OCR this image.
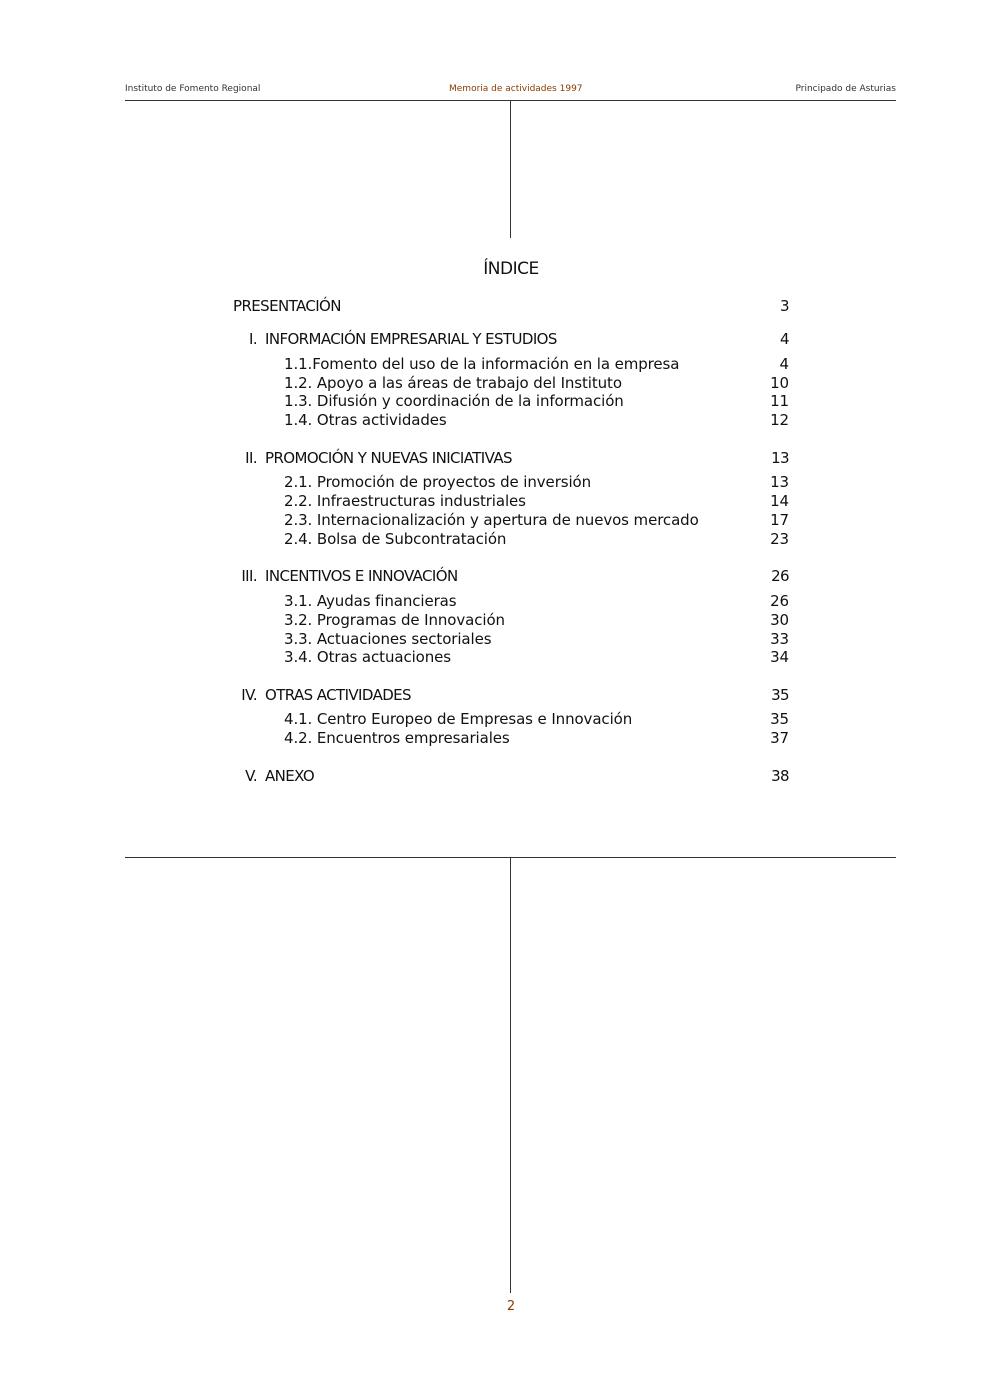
Instituto de Fomento Regional	Memoria de actividades 1997	Principado de Asturias
ÍNDICE
PRESENTACIÓN	3
I. INFORMACIÓN EMPRESARIAL Y ESTUDIOS	4
1.1.Fomento del uso de la información en la empresa	4
1.2. Apoyo a las áreas de trabajo del Instituto	10
1.3. Difusión y coordinación de la información	11
1.4. Otras actividades	12
II. PROMOCIÓN Y NUEVAS INICIATIVAS	13
2.1. Promoción de proyectos de inversión	13
2.2. Infraestructuras industriales	14
2.3. Internacionalización y apertura de nuevos mercado	17
2.4. Bolsa de Subcontratación	23
III. INCENTIVOS E INNOVACIÓN	26
3.1. Ayudas financieras	26
3.2. Programas de Innovación	30
3.3. Actuaciones sectoriales	33
3.4. Otras actuaciones	34
IV. OTRAS ACTIVIDADES	35
4.1. Centro Europeo de Empresas e Innovación	35
4.2. Encuentros empresariales	37
V. ANEXO	38
2
